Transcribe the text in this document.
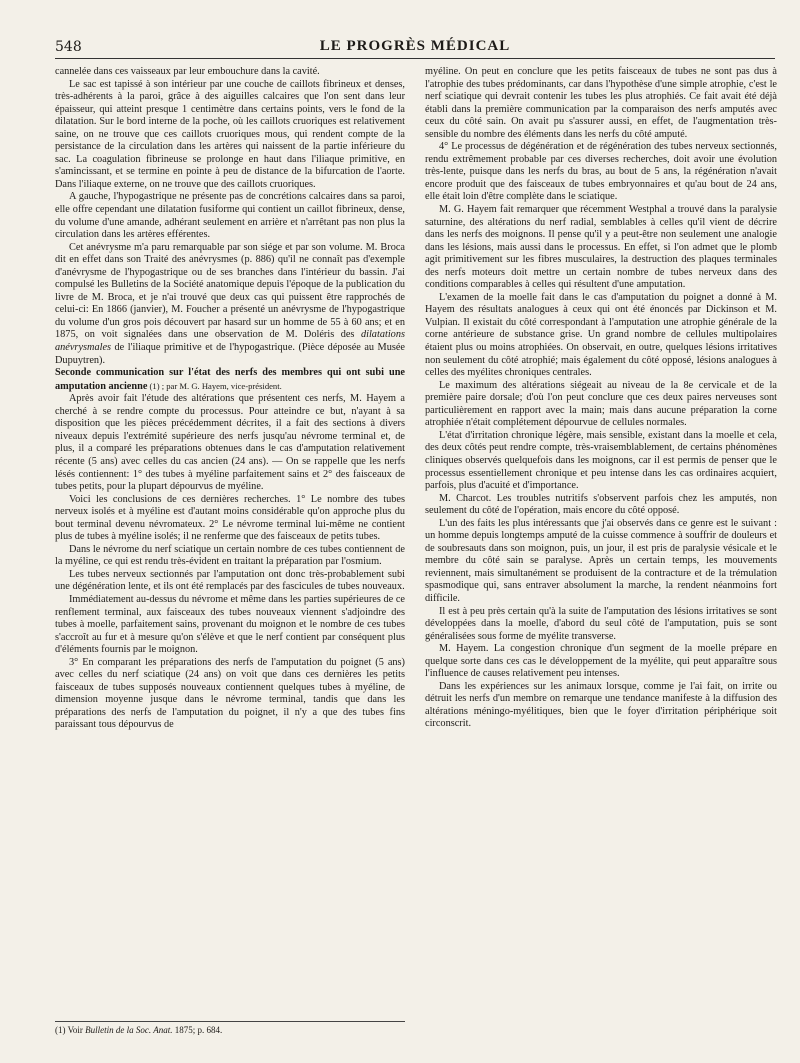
548	LE PROGRÈS MÉDICAL

cannelée dans ces vaisseaux par leur embouchure dans la cavité.

Le sac est tapissé à son intérieur par une couche de caillots fibrineux et denses, très-adhérents à la paroi, grâce à des aiguilles calcaires que l'on sent dans leur épaisseur, qui atteint presque 1 centimètre dans certains points, vers le fond de la dilatation. Sur le bord interne de la poche, où les caillots cruoriques est relativement saine, on ne trouve que ces caillots cruoriques mous, qui rendent compte de la persistance de la circulation dans les artères qui naissent de la partie inférieure du sac. La coagulation fibrineuse se prolonge en haut dans l'iliaque primitive, en s'amincissant, et se termine en pointe à peu de distance de la bifurcation de l'aorte. Dans l'iliaque externe, on ne trouve que des caillots cruoriques.

A gauche, l'hypogastrique ne présente pas de concrétions calcaires dans sa paroi, elle offre cependant une dilatation fusiforme qui contient un caillot fibrineux, dense, du volume d'une amande, adhérant seulement en arrière et n'arrêtant pas non plus la circulation dans les artères efférentes.

Cet anévrysme m'a paru remarquable par son siége et par son volume. M. Broca dit en effet dans son Traité des anévrysmes (p. 886) qu'il ne connaît pas d'exemple d'anévrysme de l'hypogastrique ou de ses branches dans l'intérieur du bassin. J'ai compulsé les Bulletins de la Société anatomique depuis l'époque de la publication du livre de M. Broca, et je n'ai trouvé que deux cas qui puissent être rapprochés de celui-ci: En 1866 (janvier), M. Foucher a présenté un anévrysme de l'hypogastrique du volume d'un gros pois découvert par hasard sur un homme de 55 à 60 ans; et en 1875, on voit signalées dans une observation de M. Doléris des dilatations anévrysmales de l'iliaque primitive et de l'hypogastrique. (Pièce déposée au Musée Dupuytren).

Seconde communication sur l'état des nerfs des membres qui ont subi une amputation ancienne (1) ; par M. G. Hayem, vice-président.

Après avoir fait l'étude des altérations que présentent ces nerfs, M. Hayem a cherché à se rendre compte du processus. Pour atteindre ce but, n'ayant à sa disposition que les pièces précédemment décrites, il a fait des sections à divers niveaux depuis l'extrémité supérieure des nerfs jusqu'au névrome terminal et, de plus, il a comparé les préparations obtenues dans le cas d'amputation relativement récente (5 ans) avec celles du cas ancien (24 ans). — On se rappelle que les nerfs lésés contiennent: 1° des tubes à myéline parfaitement sains et 2° des faisceaux de tubes petits, pour la plupart dépourvus de myéline.

Voici les conclusions de ces dernières recherches. 1° Le nombre des tubes nerveux isolés et à myéline est d'autant moins considérable qu'on approche plus du bout terminal devenu névromateux. 2° Le névrome terminal lui-même ne contient plus de tubes à myéline isolés; il ne renferme que des faisceaux de petits tubes.

Dans le névrome du nerf sciatique un certain nombre de ces tubes contiennent de la myéline, ce qui est rendu très-évident en traitant la préparation par l'osmium.

Les tubes nerveux sectionnés par l'amputation ont donc très-probablement subi une dégénération lente, et ils ont été remplacés par des fascicules de tubes nouveaux.

Immédiatement au-dessus du névrome et même dans les parties supérieures de ce renflement terminal, aux faisceaux des tubes nouveaux viennent s'adjoindre des tubes à moelle, parfaitement sains, provenant du moignon et le nombre de ces tubes s'accroît au fur et à mesure qu'on s'élève et que le nerf contient par conséquent plus d'éléments fournis par le moignon.

3° En comparant les préparations des nerfs de l'amputation du poignet (5 ans) avec celles du nerf sciatique (24 ans) on voit que dans ces dernières les petits faisceaux de tubes supposés nouveaux contiennent quelques tubes à myéline, de dimension moyenne jusque dans le névrome terminal, tandis que dans les préparations des nerfs de l'amputation du poignet, il n'y a que des tubes fins paraissant tous dépourvus de

myéline. On peut en conclure que les petits faisceaux de tubes ne sont pas dus à l'atrophie des tubes prédominants, car dans l'hypothèse d'une simple atrophie, c'est le nerf sciatique qui devrait contenir les tubes les plus atrophiés. Ce fait avait été déjà établi dans la première communication par la comparaison des nerfs amputés avec ceux du côté sain. On avait pu s'assurer aussi, en effet, de l'augmentation très-sensible du nombre des éléments dans les nerfs du côté amputé.

4° Le processus de dégénération et de régénération des tubes nerveux sectionnés, rendu extrêmement probable par ces diverses recherches, doit avoir une évolution très-lente, puisque dans les nerfs du bras, au bout de 5 ans, la régénération n'avait encore produit que des faisceaux de tubes embryonnaires et qu'au bout de 24 ans, elle était loin d'être complète dans le sciatique.

M. G. Hayem fait remarquer que récemment Westphal a trouvé dans la paralysie saturnine, des altérations du nerf radial, semblables à celles qu'il vient de décrire dans les nerfs des moignons. Il pense qu'il y a peut-être non seulement une analogie dans les lésions, mais aussi dans le processus. En effet, si l'on admet que le plomb agit primitivement sur les fibres musculaires, la destruction des plaques terminales des nerfs moteurs doit mettre un certain nombre de tubes nerveux dans des conditions comparables à celles qui résultent d'une amputation.

L'examen de la moelle fait dans le cas d'amputation du poignet a donné à M. Hayem des résultats analogues à ceux qui ont été énoncés par Dickinson et M. Vulpian. Il existait du côté correspondant à l'amputation une atrophie générale de la corne antérieure de substance grise. Un grand nombre de cellules multipolaires étaient plus ou moins atrophiées. On observait, en outre, quelques lésions irritatives non seulement du côté atrophié; mais également du côté opposé, lésions analogues à celles des myélites chroniques centrales.

Le maximum des altérations siégeait au niveau de la 8e cervicale et de la première paire dorsale; d'où l'on peut conclure que ces deux paires nerveuses sont particulièrement en rapport avec la main; mais dans aucune préparation la corne atrophiée n'était complétement dépourvue de cellules normales.

L'état d'irritation chronique légère, mais sensible, existant dans la moelle et cela, des deux côtés peut rendre compte, très-vraisemblablement, de certains phénomènes cliniques observés quelquefois dans les moignons, car il est permis de penser que le processus essentiellement chronique et peu intense dans les cas ordinaires acquiert, parfois, plus d'acuité et d'importance.

M. Charcot. Les troubles nutritifs s'observent parfois chez les amputés, non seulement du côté de l'opération, mais encore du côté opposé.

L'un des faits les plus intéressants que j'ai observés dans ce genre est le suivant : un homme depuis longtemps amputé de la cuisse commence à souffrir de douleurs et de soubresauts dans son moignon, puis, un jour, il est pris de paralysie vésicale et le membre du côté sain se paralyse. Après un certain temps, les mouvements reviennent, mais simultanément se produisent de la contracture et de la trémulation spasmodique qui, sans entraver absolument la marche, la rendent néanmoins fort difficile.

Il est à peu près certain qu'à la suite de l'amputation des lésions irritatives se sont développées dans la moelle, d'abord du seul côté de l'amputation, puis se sont généralisées sous forme de myélite transverse.

M. Hayem. La congestion chronique d'un segment de la moelle prépare en quelque sorte dans ces cas le développement de la myélite, qui peut apparaître sous l'influence de causes relativement peu intenses.

Dans les expériences sur les animaux lorsque, comme je l'ai fait, on irrite ou détruit les nerfs d'un membre on remarque une tendance manifeste à la diffusion des altérations méningo-myélitiques, bien que le foyer d'irritation périphérique soit circonscrit.

(1) Voir Bulletin de la Soc. Anat. 1875; p. 684.
